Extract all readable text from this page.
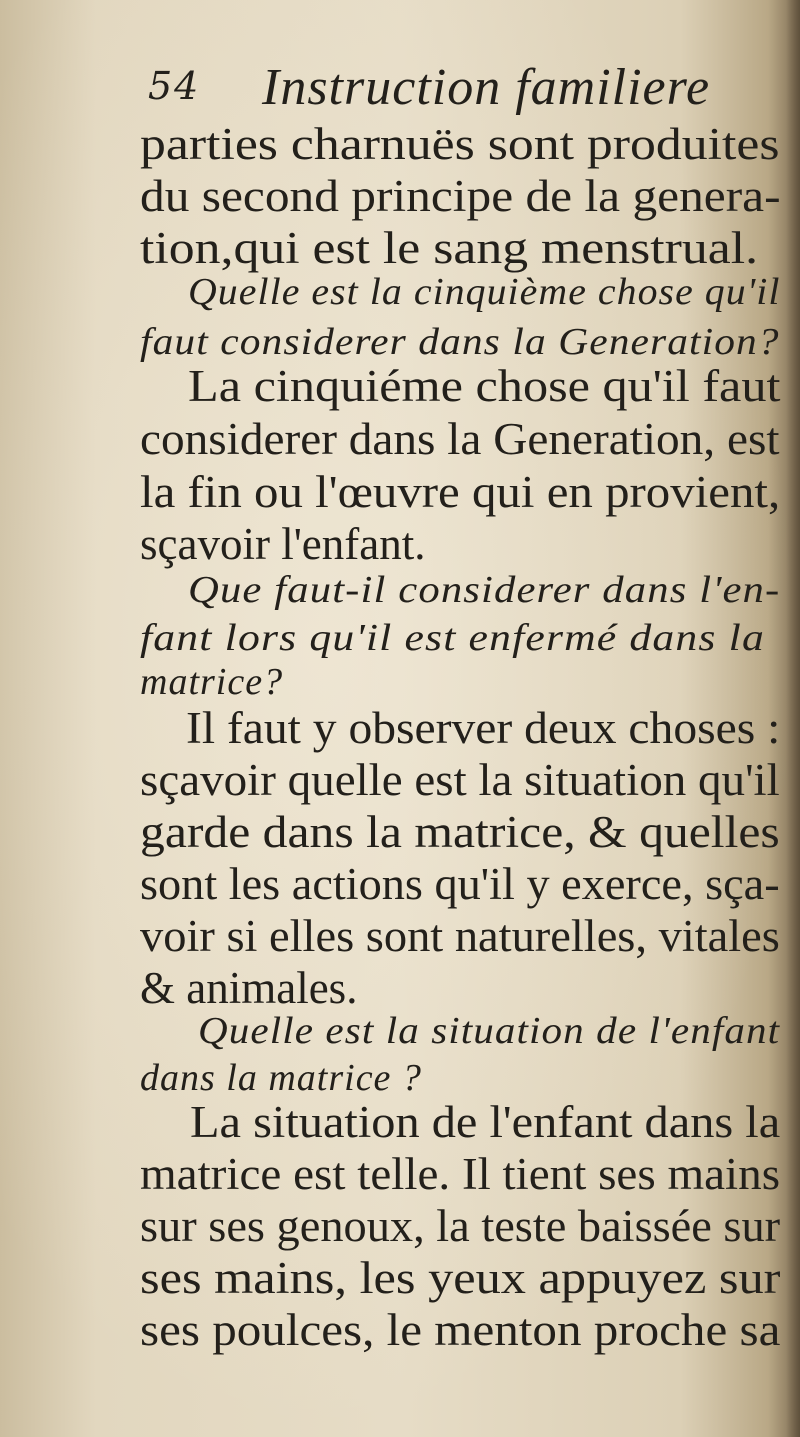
54 Instruction familiere
parties charnuës sont produites
du second principe de la genera-
tion,qui est le sang menstrual.
Quelle est la cinquième chose qu'il
faut considerer dans la Generation?
La cinquiéme chose qu'il faut
considerer dans la Generation, est
la fin ou l'œuvre qui en provient,
sçavoir l'enfant.
Que faut-il considerer dans l'en-
fant lors qu'il est enfermé dans la
matrice?
Il faut y observer deux choses :
sçavoir quelle est la situation qu'il
garde dans la matrice, & quelles
sont les actions qu'il y exerce, sça-
voir si elles sont naturelles, vitales
& animales.
Quelle est la situation de l'enfant
dans la matrice ?
La situation de l'enfant dans la
matrice est telle. Il tient ses mains
sur ses genoux, la teste baissée sur
ses mains, les yeux appuyez sur
ses poulces, le menton proche sa
